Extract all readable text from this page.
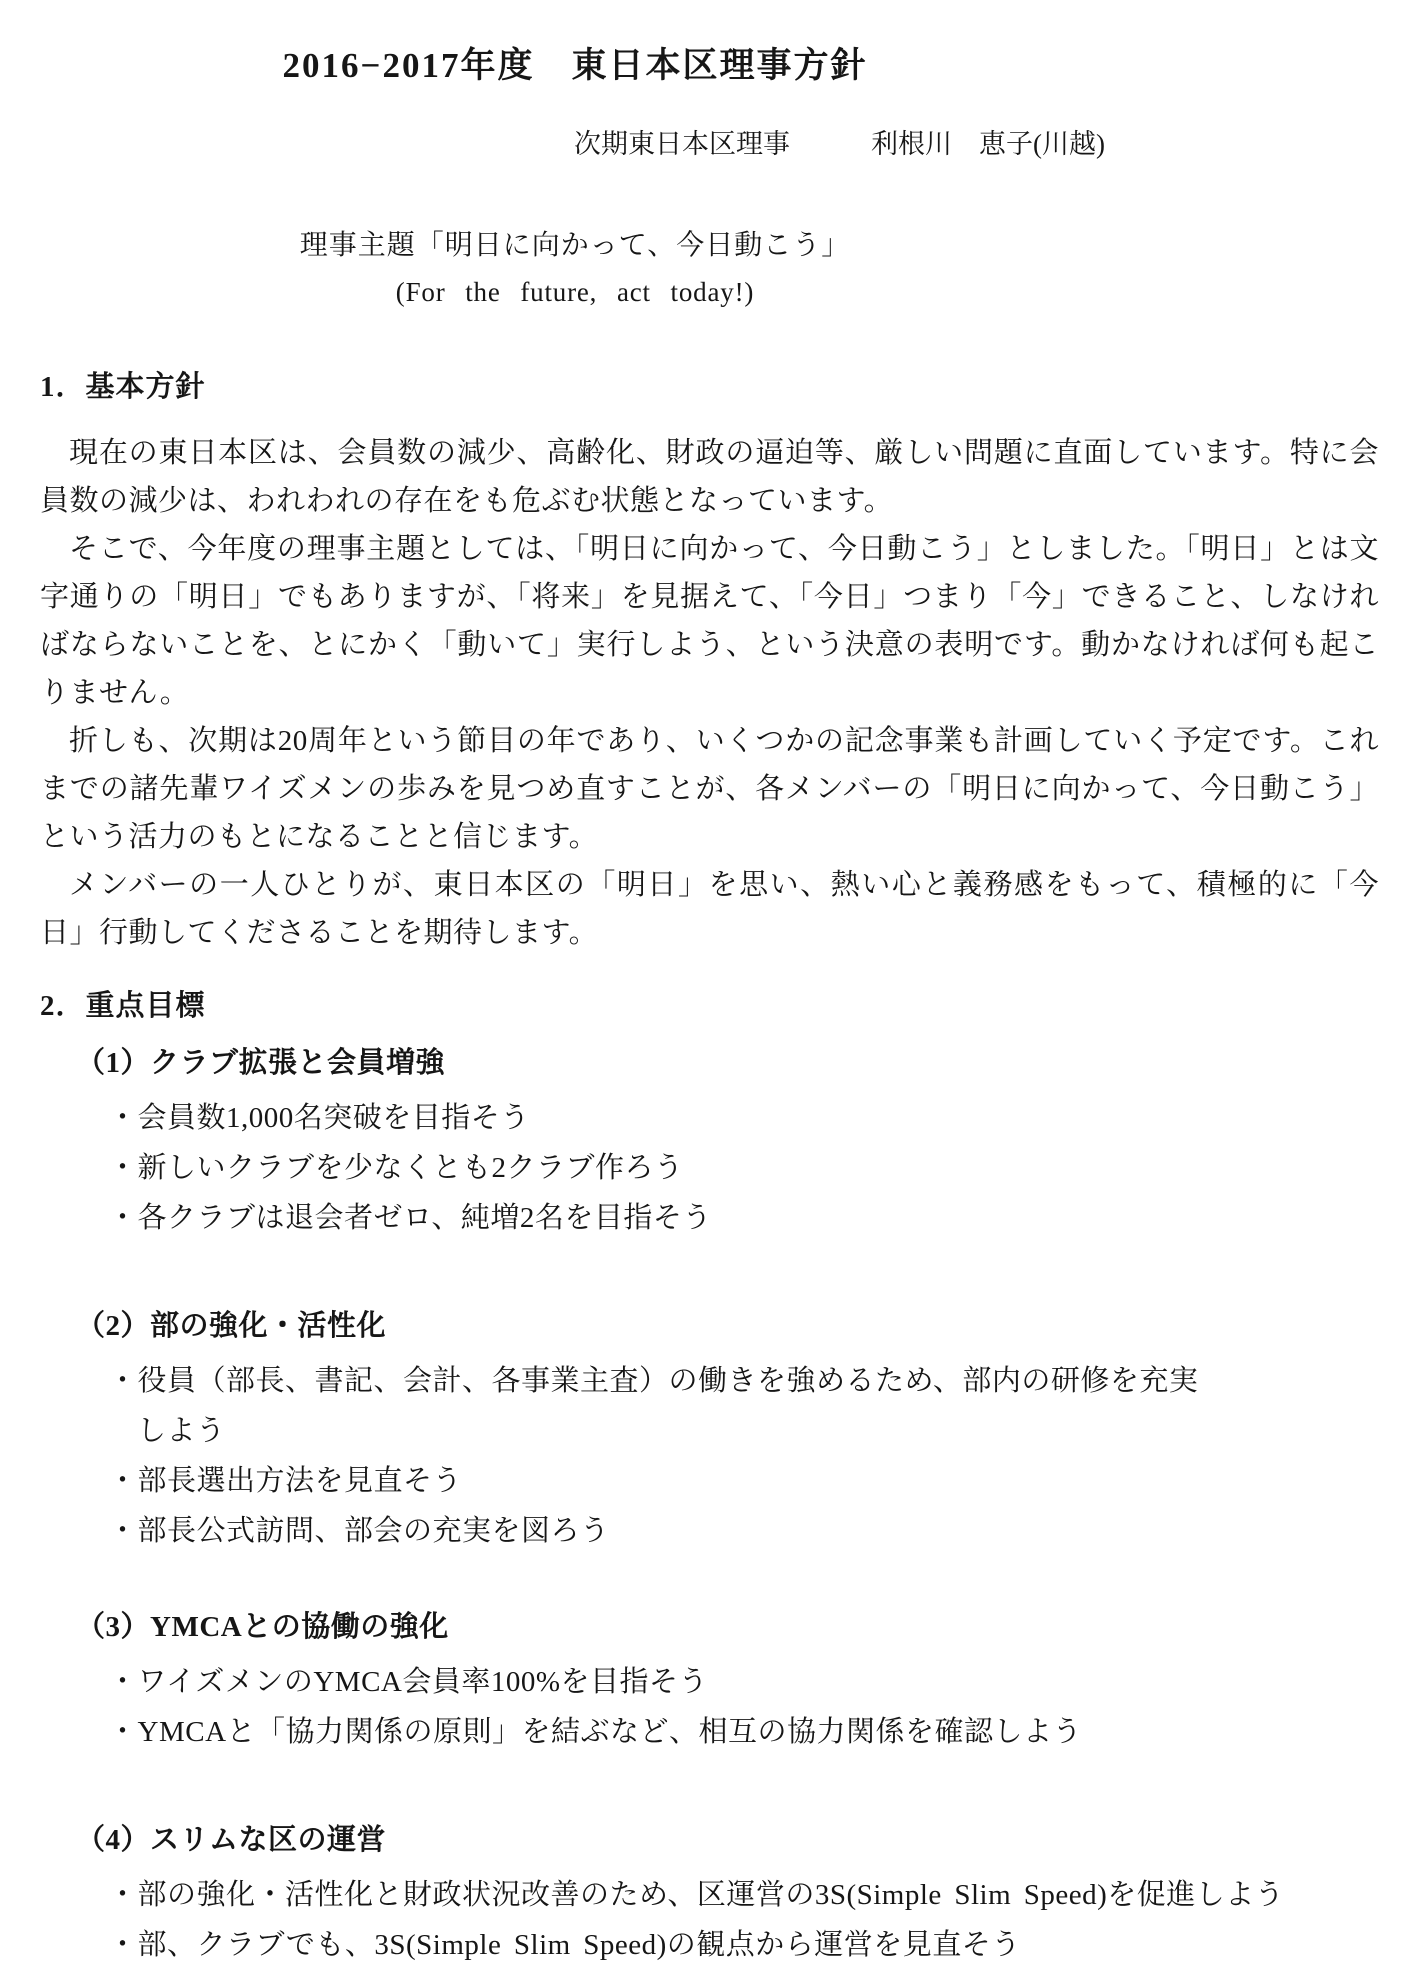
2016−2017年度　東日本区理事方針
次期東日本区理事　　　利根川　恵子(川越)
理事主題「明日に向かって、今日動こう」
(For the future, act today!)
1．基本方針

現在の東日本区は、会員数の減少、高齢化、財政の逼迫等、厳しい問題に直面しています。特に会員数の減少は、われわれの存在をも危ぶむ状態となっています。

そこで、今年度の理事主題としては、「明日に向かって、今日動こう」としました。「明日」とは文字通りの「明日」でもありますが、「将来」を見据えて、「今日」つまり「今」できること、しなければならないことを、とにかく「動いて」実行しよう、という決意の表明です。動かなければ何も起こりません。

折しも、次期は20周年という節目の年であり、いくつかの記念事業も計画していく予定です。これまでの諸先輩ワイズメンの歩みを見つめ直すことが、各メンバーの「明日に向かって、今日動こう」という活力のもとになることと信じます。

メンバーの一人ひとりが、東日本区の「明日」を思い、熱い心と義務感をもって、積極的に「今日」行動してくださることを期待します。

2．重点目標
（1）クラブ拡張と会員増強
・会員数1,000名突破を目指そう
・新しいクラブを少なくとも2クラブ作ろう
・各クラブは退会者ゼロ、純増2名を目指そう
（2）部の強化・活性化
・役員（部長、書記、会計、各事業主査）の働きを強めるため、部内の研修を充実しよう
・部長選出方法を見直そう
・部長公式訪問、部会の充実を図ろう
（3）YMCAとの協働の強化
・ワイズメンのYMCA会員率100%を目指そう
・YMCAと「協力関係の原則」を結ぶなど、相互の協力関係を確認しよう
（4）スリムな区の運営
・部の強化・活性化と財政状況改善のため、区運営の3S(Simple Slim Speed)を促進しよう
・部、クラブでも、3S(Simple Slim Speed)の観点から運営を見直そう
